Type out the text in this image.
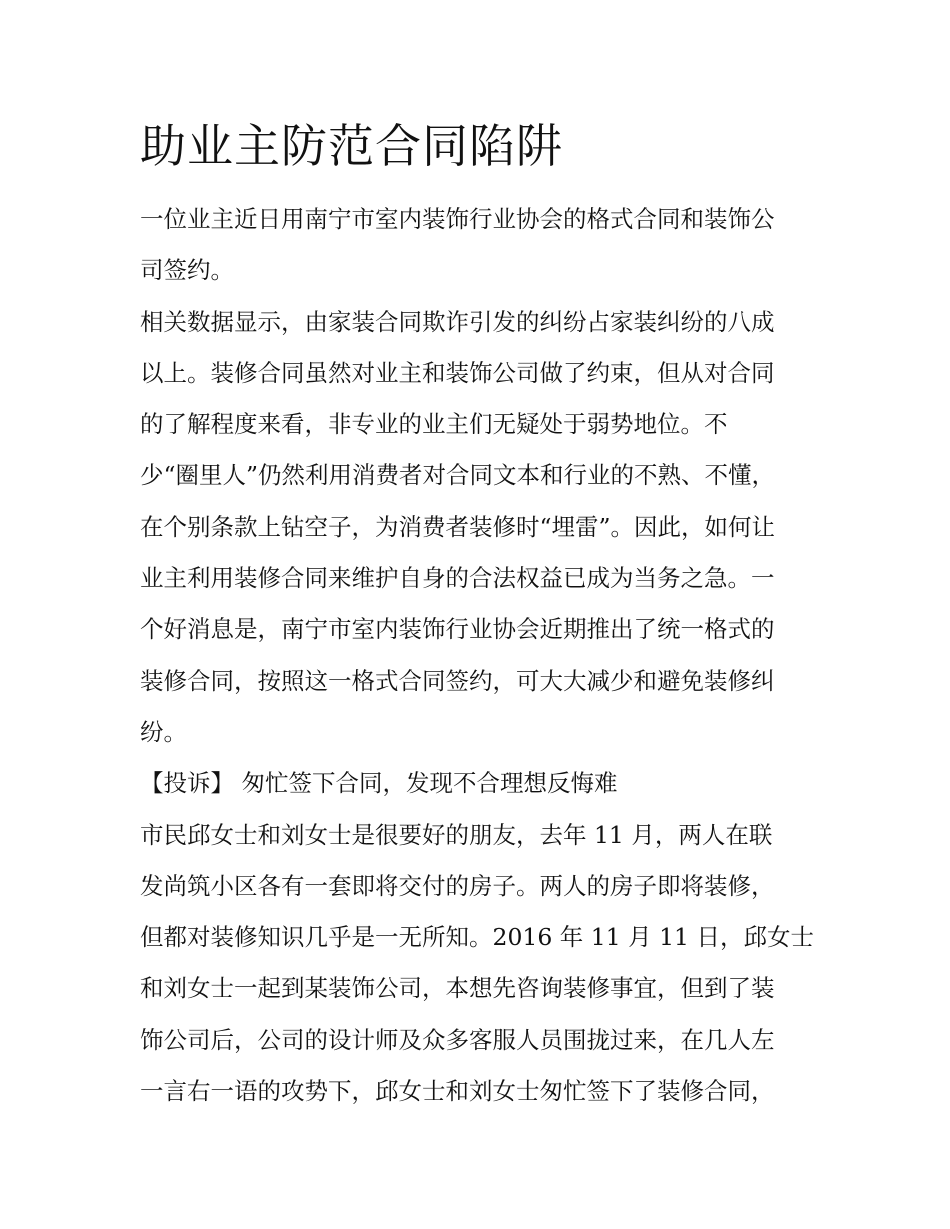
助业主防范合同陷阱
一位业主近日用南宁市室内装饰行业协会的格式合同和装饰公
司签约。
相关数据显示，由家装合同欺诈引发的纠纷占家装纠纷的八成
以上。装修合同虽然对业主和装饰公司做了约束，但从对合同
的了解程度来看，非专业的业主们无疑处于弱势地位。不
少“圈里人”仍然利用消费者对合同文本和行业的不熟、不懂，
在个别条款上钻空子，为消费者装修时“埋雷”。因此，如何让
业主利用装修合同来维护自身的合法权益已成为当务之急。一
个好消息是，南宁市室内装饰行业协会近期推出了统一格式的
装修合同，按照这一格式合同签约，可大大减少和避免装修纠
纷。
【投诉】 匆忙签下合同，发现不合理想反悔难
市民邱女士和刘女士是很要好的朋友，去年 11 月，两人在联
发尚筑小区各有一套即将交付的房子。两人的房子即将装修，
但都对装修知识几乎是一无所知。2016 年 11 月 11 日，邱女士
和刘女士一起到某装饰公司，本想先咨询装修事宜，但到了装
饰公司后，公司的设计师及众多客服人员围拢过来，在几人左
一言右一语的攻势下，邱女士和刘女士匆忙签下了装修合同，
